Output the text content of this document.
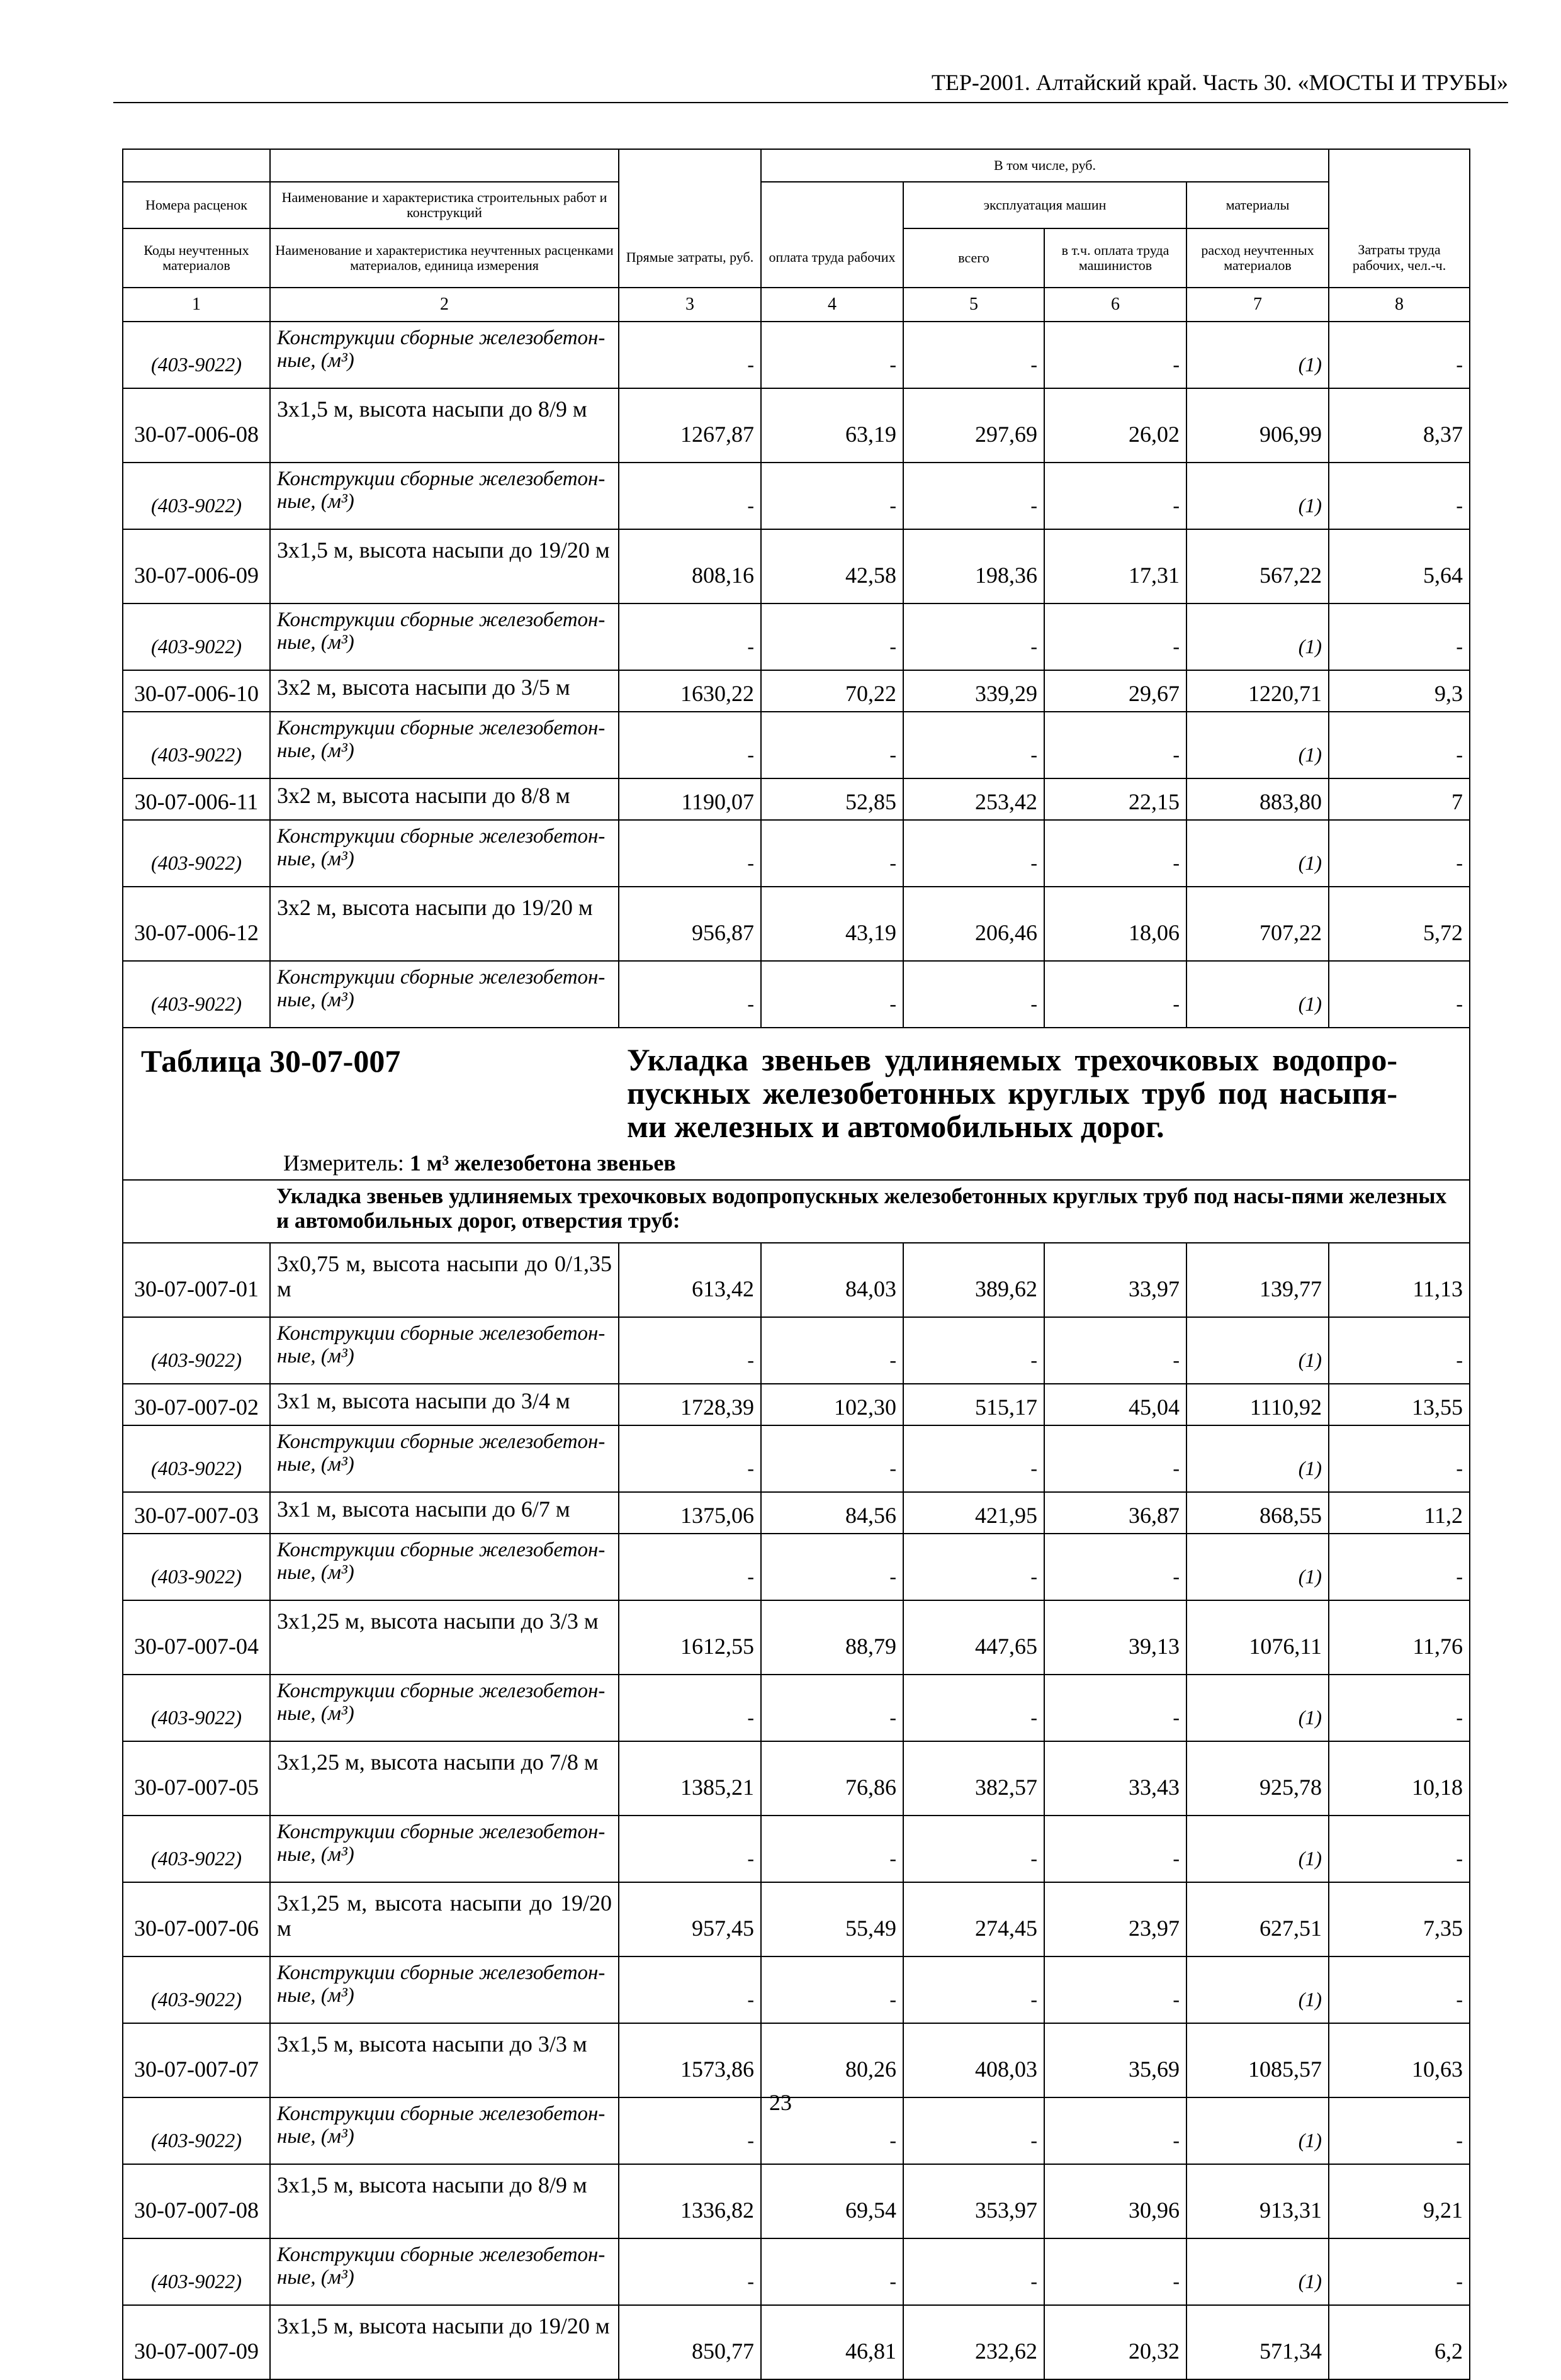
ТЕР-2001. Алтайский край. Часть 30. «МОСТЫ И ТРУБЫ»
			В том числе, руб.				
Номера расценок	Наименование и характеристика строительных работ и конструкций			эксплуатация машин		материалы	
Коды неучтенных материалов	Наименование и характеристика неучтенных расценками материалов, единица измерения	Прямые затраты, руб.	оплата труда рабочих	всего	в т.ч. оплата труда машинистов	расход неучтенных материалов	Затраты труда рабочих, чел.-ч.
1	2	3	4	5	6	7	8
(403-9022)	Конструкции сборные железобетон-ные, (м³)	-	-	-	-	(1)	-
30-07-006-08	3х1,5 м, высота насыпи до 8/9 м	1267,87	63,19	297,69	26,02	906,99	8,37
(403-9022)	Конструкции сборные железобетон-ные, (м³)	-	-	-	-	(1)	-
30-07-006-09	3х1,5 м, высота насыпи до 19/20 м	808,16	42,58	198,36	17,31	567,22	5,64
(403-9022)	Конструкции сборные железобетон-ные, (м³)	-	-	-	-	(1)	-
30-07-006-10	3х2 м, высота насыпи до 3/5 м	1630,22	70,22	339,29	29,67	1220,71	9,3
(403-9022)	Конструкции сборные железобетон-ные, (м³)	-	-	-	-	(1)	-
30-07-006-11	3х2 м, высота насыпи до 8/8 м	1190,07	52,85	253,42	22,15	883,80	7
(403-9022)	Конструкции сборные железобетон-ные, (м³)	-	-	-	-	(1)	-
30-07-006-12	3х2 м, высота насыпи до 19/20 м	956,87	43,19	206,46	18,06	707,22	5,72
(403-9022)	Конструкции сборные железобетон-ные, (м³)	-	-	-	-	(1)	-

Таблица 30-07-007 Укладка звеньев удлиняемых трехочковых водопро-пускных железобетонных круглых труб под насыпя-ми железных и автомобильных дорог.
Измеритель: 1 м³ железобетона звеньев							

	Укладка звеньев удлиняемых трехочковых водопропускных железобетонных круглых труб под насы-пями железных и автомобильных дорог, отверстия труб:						
30-07-007-01	3х0,75 м, высота насыпи до 0/1,35 м	613,42	84,03	389,62	33,97	139,77	11,13
(403-9022)	Конструкции сборные железобетон-ные, (м³)	-	-	-	-	(1)	-
30-07-007-02	3х1 м, высота насыпи до 3/4 м	1728,39	102,30	515,17	45,04	1110,92	13,55
(403-9022)	Конструкции сборные железобетон-ные, (м³)	-	-	-	-	(1)	-
30-07-007-03	3х1 м, высота насыпи до 6/7 м	1375,06	84,56	421,95	36,87	868,55	11,2
(403-9022)	Конструкции сборные железобетон-ные, (м³)	-	-	-	-	(1)	-
30-07-007-04	3х1,25 м, высота насыпи до 3/3 м	1612,55	88,79	447,65	39,13	1076,11	11,76
(403-9022)	Конструкции сборные железобетон-ные, (м³)	-	-	-	-	(1)	-
30-07-007-05	3х1,25 м, высота насыпи до 7/8 м	1385,21	76,86	382,57	33,43	925,78	10,18
(403-9022)	Конструкции сборные железобетон-ные, (м³)	-	-	-	-	(1)	-
30-07-007-06	3х1,25 м, высота насыпи до 19/20 м	957,45	55,49	274,45	23,97	627,51	7,35
(403-9022)	Конструкции сборные железобетон-ные, (м³)	-	-	-	-	(1)	-
30-07-007-07	3х1,5 м, высота насыпи до 3/3 м	1573,86	80,26	408,03	35,69	1085,57	10,63
(403-9022)	Конструкции сборные железобетон-ные, (м³)	-	-	-	-	(1)	-
30-07-007-08	3х1,5 м, высота насыпи до 8/9 м	1336,82	69,54	353,97	30,96	913,31	9,21
(403-9022)	Конструкции сборные железобетон-ные, (м³)	-	-	-	-	(1)	-
30-07-007-09	3х1,5 м, высота насыпи до 19/20 м	850,77	46,81	232,62	20,32	571,34	6,2
23
